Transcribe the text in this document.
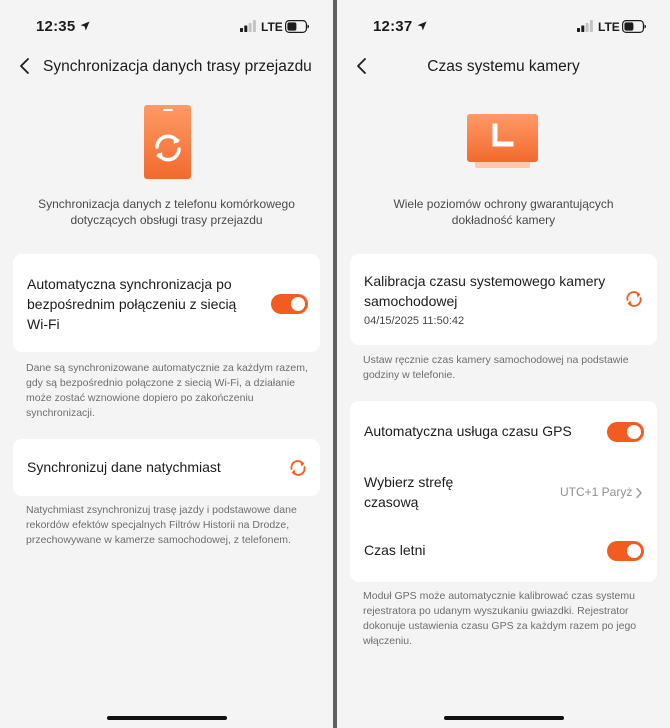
12:35	LTE
Synchronizacja danych trasy przejazdu
Synchronizacja danych z telefonu komórkowego dotyczących obsługi trasy przejazdu
Automatyczna synchronizacja po bezpośrednim połączeniu z siecią Wi-Fi
Dane są synchronizowane automatycznie za każdym razem, gdy są bezpośrednio połączone z siecią Wi-Fi, a działanie może zostać wznowione dopiero po zakończeniu synchronizacji.
Synchronizuj dane natychmiast
Natychmiast zsynchronizuj trasę jazdy i podstawowe dane rekordów efektów specjalnych Filtrów Historii na Drodze, przechowywane w kamerze samochodowej, z telefonem.
12:37	LTE
Czas systemu kamery
Wiele poziomów ochrony gwarantujących dokładność kamery
Kalibracja czasu systemowego kamery samochodowej
04/15/2025 11:50:42
Ustaw ręcznie czas kamery samochodowej na podstawie godziny w telefonie.
Automatyczna usługa czasu GPS
Wybierz strefę czasową
UTC+1 Paryż
Czas letni
Moduł GPS może automatycznie kalibrować czas systemu rejestratora po udanym wyszukaniu gwiazdki. Rejestrator dokonuje ustawienia czasu GPS za każdym razem po jego włączeniu.
